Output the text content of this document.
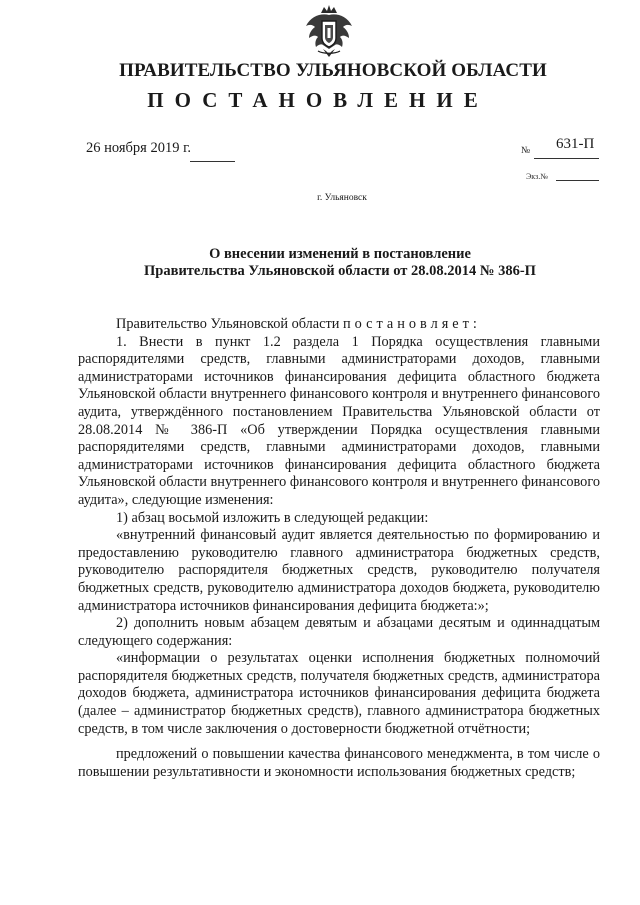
ПРАВИТЕЛЬСТВО УЛЬЯНОВСКОЙ ОБЛАСТИ
ПОСТАНОВЛЕНИЕ
26 ноября 2019 г.	№ 631-П
Экз.№
г. Ульяновск
О внесении изменений в постановление
Правительства Ульяновской области от 28.08.2014 № 386-П

Правительство Ульяновской области постановляет:

1. Внести в пункт 1.2 раздела 1 Порядка осуществления главными распорядителями средств, главными администраторами доходов, главными администраторами источников финансирования дефицита областного бюджета Ульяновской области внутреннего финансового контроля и внутреннего финансового аудита, утверждённого постановлением Правительства Ульяновской области от 28.08.2014 № 386-П «Об утверждении Порядка осуществления главными распорядителями средств, главными администраторами доходов, главными администраторами источников финансирования дефицита областного бюджета Ульяновской области внутреннего финансового контроля и внутреннего финансового аудита», следующие изменения:

1) абзац восьмой изложить в следующей редакции:

«внутренний финансовый аудит является деятельностью по формированию и предоставлению руководителю главного администратора бюджетных средств, руководителю распорядителя бюджетных средств, руководителю получателя бюджетных средств, руководителю администратора доходов бюджета, руководителю администратора источников финансирования дефицита бюджета:»;

2) дополнить новым абзацем девятым и абзацами десятым и одиннадцатым следующего содержания:

«информации о результатах оценки исполнения бюджетных полномочий распорядителя бюджетных средств, получателя бюджетных средств, администратора доходов бюджета, администратора источников финансирования дефицита бюджета (далее – администратор бюджетных средств), главного администратора бюджетных средств, в том числе заключения о достоверности бюджетной отчётности;

предложений о повышении качества финансового менеджмента, в том числе о повышении результативности и экономности использования бюджетных средств;
